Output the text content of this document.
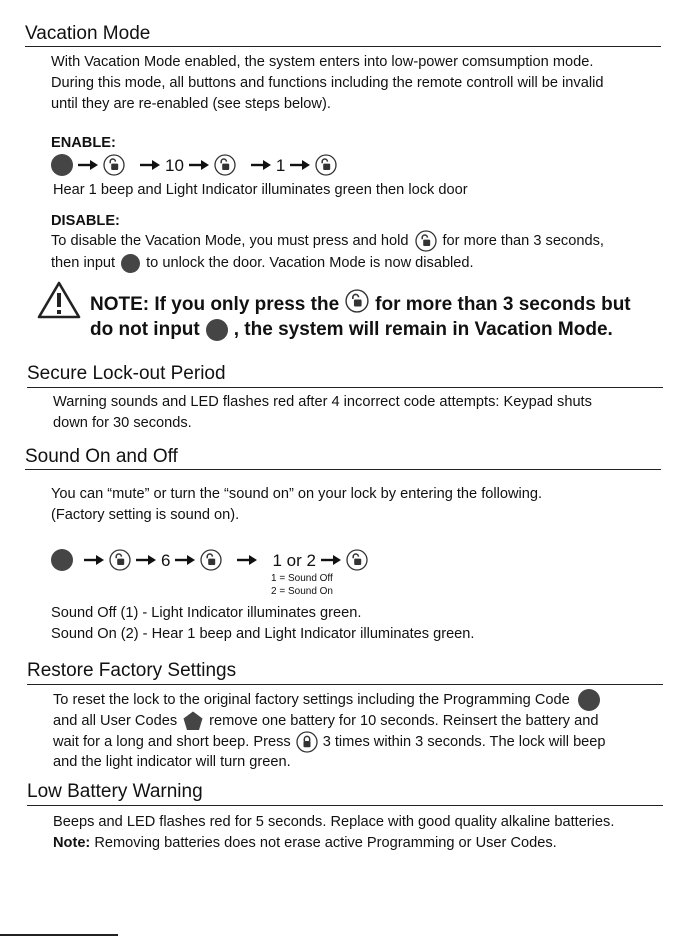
Vacation Mode
With Vacation Mode enabled, the system enters into low-power comsumption mode.
During this mode, all buttons and functions including the remote controll will be invalid
until they are re-enabled (see steps below).
ENABLE:
10	1
Hear 1 beep and Light Indicator illuminates green then lock door
DISABLE:
To disable the Vacation Mode, you must press and hold for more than 3 seconds,
then input to unlock the door. Vacation Mode is now disabled.
NOTE: If you only press the for more than 3 seconds but
do not input , the system will remain in Vacation Mode.
Secure Lock-out Period
Warning sounds and LED flashes red after 4 incorrect code attempts: Keypad shuts
down for 30 seconds.
Sound On and Off
You can “mute” or turn the “sound on” on your lock by entering the following.
(Factory setting is sound on).
6	1 or 2
1 = Sound Off
2 = Sound On
Sound Off (1) - Light Indicator illuminates green.
Sound On (2) - Hear 1 beep and Light Indicator illuminates green.
Restore Factory Settings
To reset the lock to the original factory settings including the Programming Code
and all User Codes remove one battery for 10 seconds. Reinsert the battery and
wait for a long and short beep. Press 3 times within 3 seconds. The lock will beep
and the light indicator will turn green.
Low Battery Warning
Beeps and LED flashes red for 5 seconds. Replace with good quality alkaline batteries.
Note: Removing batteries does not erase active Programming or User Codes.
